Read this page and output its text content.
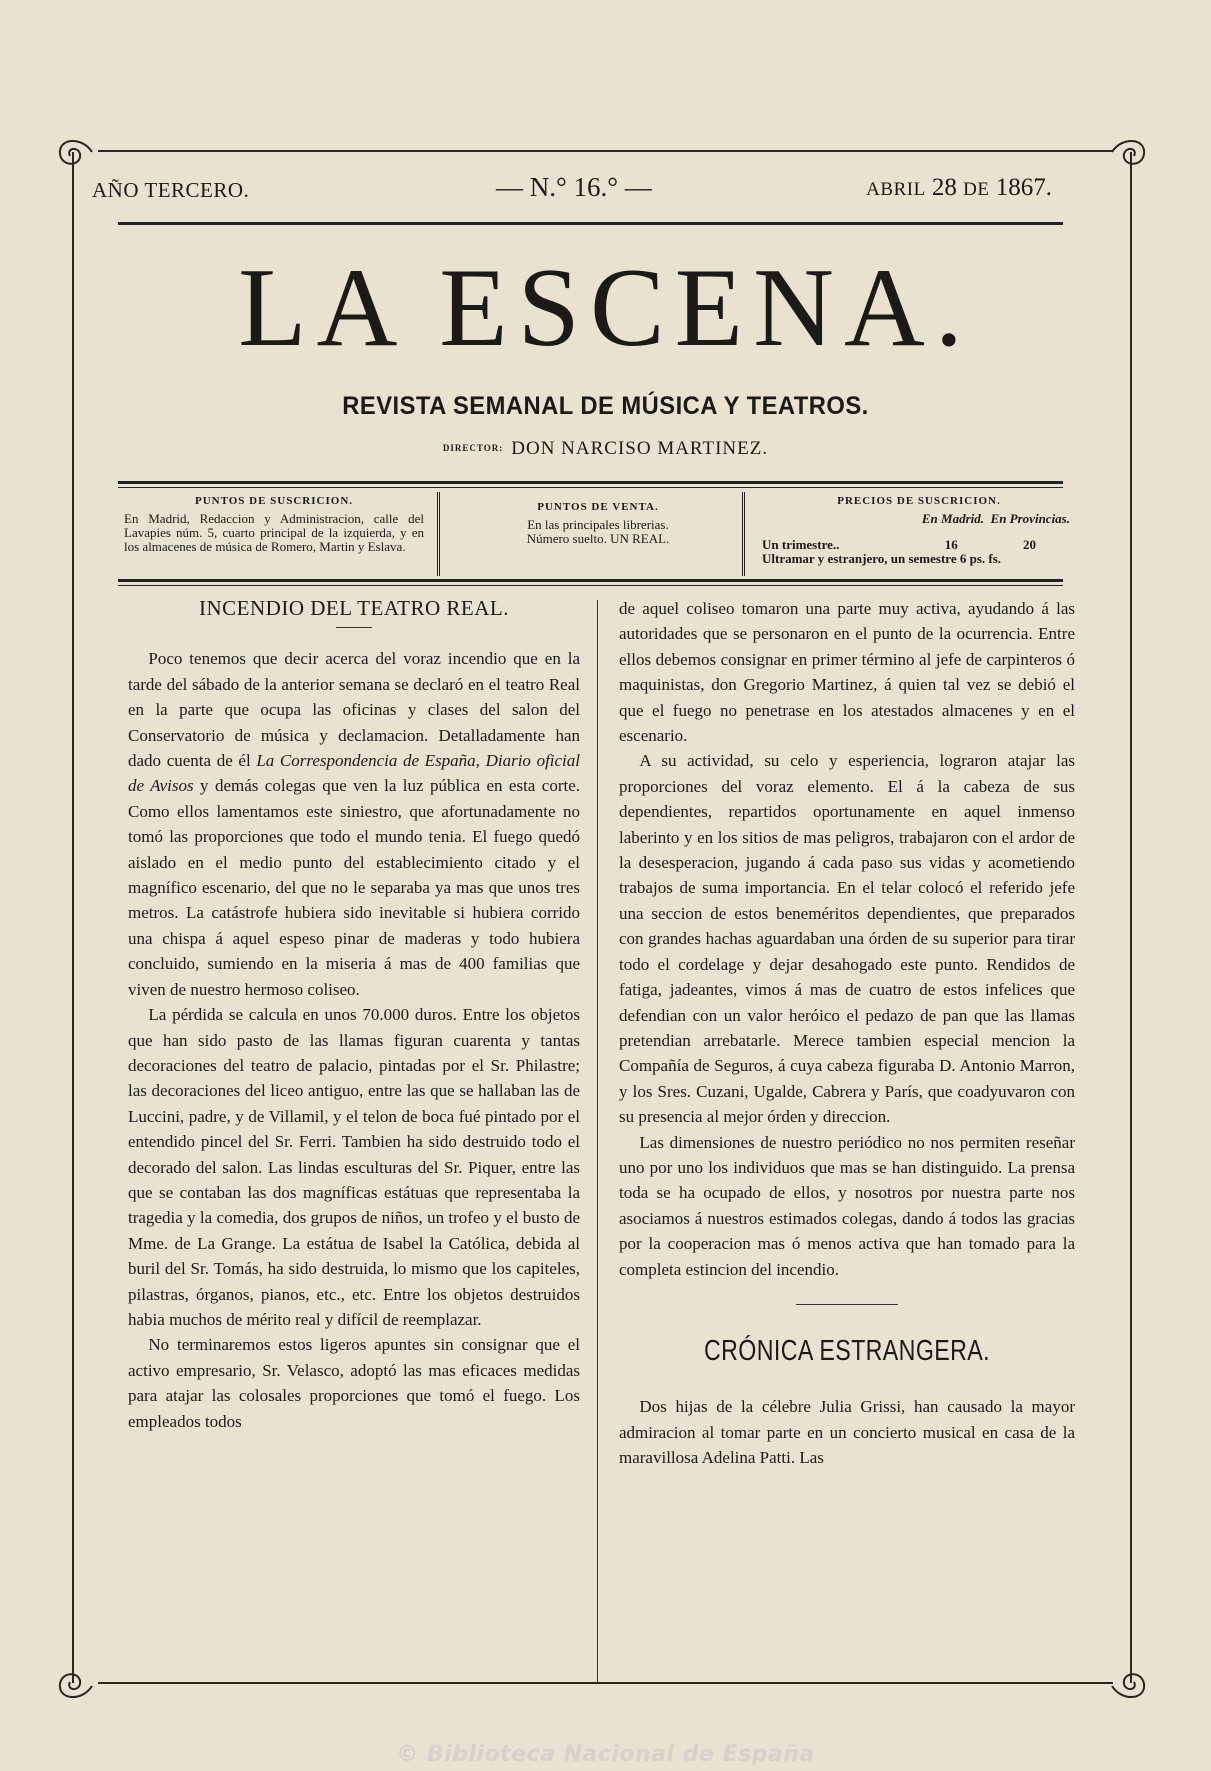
AÑO TERCERO.	— N.° 16.° —	ABRIL 28 DE 1867.
LA ESCENA.
REVISTA SEMANAL DE MÚSICA Y TEATROS.
DIRECTOR: DON NARCISO MARTINEZ.
PUNTOS DE SUSCRICION.
En Madrid, Redaccion y Administracion, calle del Lavapies núm. 5, cuarto principal de la izquierda, y en los almacenes de música de Romero, Martin y Eslava.
PUNTOS DE VENTA.
En las principales librerias.
Número suelto. UN REAL.
PRECIOS DE SUSCRICION.
En Madrid. En Provincias.
Un trimestre..	16	20
Ultramar y estranjero, un semestre 6 ps. fs.
INCENDIO DEL TEATRO REAL.

Poco tenemos que decir acerca del voraz incendio que en la tarde del sábado de la anterior semana se declaró en el teatro Real en la parte que ocupa las oficinas y clases del salon del Conservatorio de música y declamacion. Detalladamente han dado cuenta de él La Correspondencia de España, Diario oficial de Avisos y demás colegas que ven la luz pública en esta corte. Como ellos lamentamos este siniestro, que afortunadamente no tomó las proporciones que todo el mundo tenia. El fuego quedó aislado en el medio punto del establecimiento citado y el magnífico escenario, del que no le separaba ya mas que unos tres metros. La catástrofe hubiera sido inevitable si hubiera corrido una chispa á aquel espeso pinar de maderas y todo hubiera concluido, sumiendo en la miseria á mas de 400 familias que viven de nuestro hermoso coliseo.

La pérdida se calcula en unos 70.000 duros. Entre los objetos que han sido pasto de las llamas figuran cuarenta y tantas decoraciones del teatro de palacio, pintadas por el Sr. Philastre; las decoraciones del liceo antiguo, entre las que se hallaban las de Luccini, padre, y de Villamil, y el telon de boca fué pintado por el entendido pincel del Sr. Ferri. Tambien ha sido destruido todo el decorado del salon. Las lindas esculturas del Sr. Piquer, entre las que se contaban las dos magníficas estátuas que representaba la tragedia y la comedia, dos grupos de niños, un trofeo y el busto de Mme. de La Grange. La estátua de Isabel la Católica, debida al buril del Sr. Tomás, ha sido destruida, lo mismo que los capiteles, pilastras, órganos, pianos, etc., etc. Entre los objetos destruidos habia muchos de mérito real y difícil de reemplazar.

No terminaremos estos ligeros apuntes sin consignar que el activo empresario, Sr. Velasco, adoptó las mas eficaces medidas para atajar las colosales proporciones que tomó el fuego. Los empleados todos

de aquel coliseo tomaron una parte muy activa, ayudando á las autoridades que se personaron en el punto de la ocurrencia. Entre ellos debemos consignar en primer término al jefe de carpinteros ó maquinistas, don Gregorio Martinez, á quien tal vez se debió el que el fuego no penetrase en los atestados almacenes y en el escenario.

A su actividad, su celo y esperiencia, lograron atajar las proporciones del voraz elemento. El á la cabeza de sus dependientes, repartidos oportunamente en aquel inmenso laberinto y en los sitios de mas peligros, trabajaron con el ardor de la desesperacion, jugando á cada paso sus vidas y acometiendo trabajos de suma importancia. En el telar colocó el referido jefe una seccion de estos beneméritos dependientes, que preparados con grandes hachas aguardaban una órden de su superior para tirar todo el cordelage y dejar desahogado este punto. Rendidos de fatiga, jadeantes, vimos á mas de cuatro de estos infelices que defendian con un valor heróico el pedazo de pan que las llamas pretendian arrebatarle. Merece tambien especial mencion la Compañía de Seguros, á cuya cabeza figuraba D. Antonio Marron, y los Sres. Cuzani, Ugalde, Cabrera y París, que coadyuvaron con su presencia al mejor órden y direccion.

Las dimensiones de nuestro periódico no nos permiten reseñar uno por uno los individuos que mas se han distinguido. La prensa toda se ha ocupado de ellos, y nosotros por nuestra parte nos asociamos á nuestros estimados colegas, dando á todos las gracias por la cooperacion mas ó menos activa que han tomado para la completa estincion del incendio.

CRÓNICA ESTRANGERA.

Dos hijas de la célebre Julia Grissi, han causado la mayor admiracion al tomar parte en un concierto musical en casa de la maravillosa Adelina Patti. Las

© Biblioteca Nacional de España
